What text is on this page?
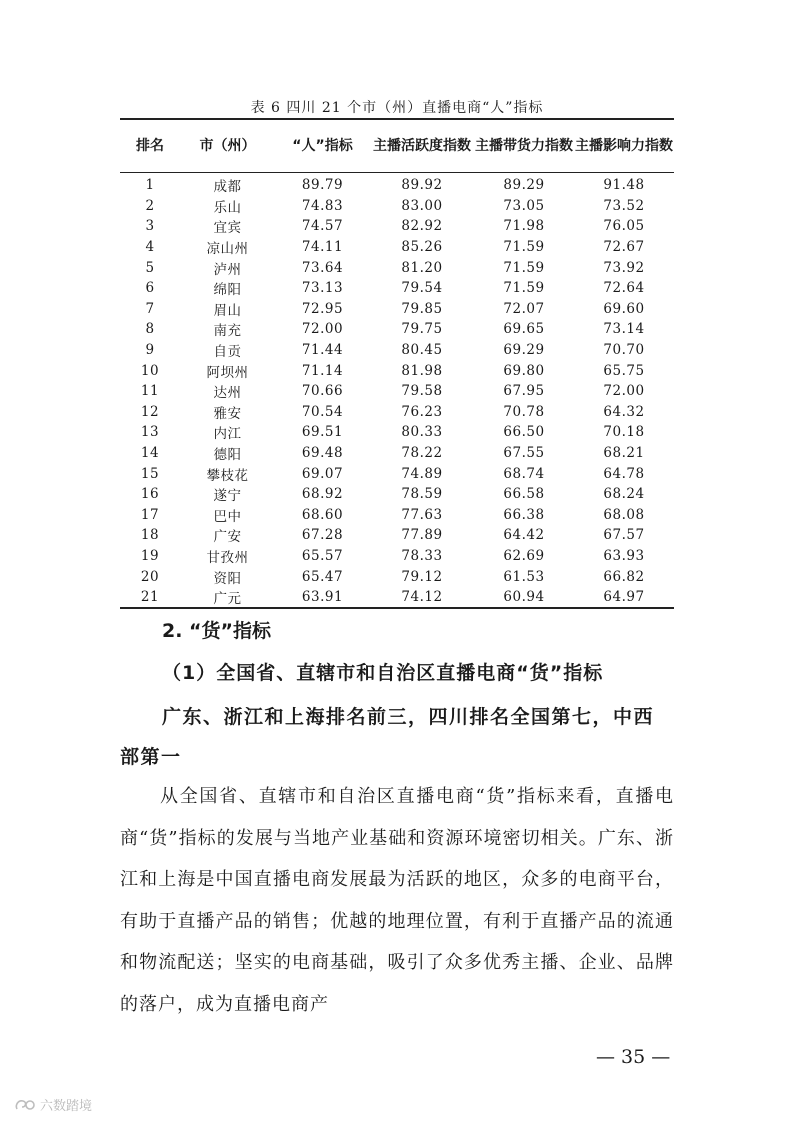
表 6 四川 21 个市（州）直播电商“人”指标
排名	市（州）	“人”指标	主播活跃度指数	主播带货力指数	主播影响力指数
1	成都	89.79	89.92	89.29	91.48
2	乐山	74.83	83.00	73.05	73.52
3	宜宾	74.57	82.92	71.98	76.05
4	凉山州	74.11	85.26	71.59	72.67
5	泸州	73.64	81.20	71.59	73.92
6	绵阳	73.13	79.54	71.59	72.64
7	眉山	72.95	79.85	72.07	69.60
8	南充	72.00	79.75	69.65	73.14
9	自贡	71.44	80.45	69.29	70.70
10	阿坝州	71.14	81.98	69.80	65.75
11	达州	70.66	79.58	67.95	72.00
12	雅安	70.54	76.23	70.78	64.32
13	内江	69.51	80.33	66.50	70.18
14	德阳	69.48	78.22	67.55	68.21
15	攀枝花	69.07	74.89	68.74	64.78
16	遂宁	68.92	78.59	66.58	68.24
17	巴中	68.60	77.63	66.38	68.08
18	广安	67.28	77.89	64.42	67.57
19	甘孜州	65.57	78.33	62.69	63.93
20	资阳	65.47	79.12	61.53	66.82
21	广元	63.91	74.12	60.94	64.97
2. “货”指标
（1）全国省、直辖市和自治区直播电商“货”指标

广东、浙江和上海排名前三，四川排名全国第七，中西部第一

从全国省、直辖市和自治区直播电商“货”指标来看，直播电商“货”指标的发展与当地产业基础和资源环境密切相关。广东、浙江和上海是中国直播电商发展最为活跃的地区，众多的电商平台，有助于直播产品的销售；优越的地理位置，有利于直播产品的流通和物流配送；坚实的电商基础，吸引了众多优秀主播、企业、品牌的落户，成为直播电商产

— 35 —
六数踏境
